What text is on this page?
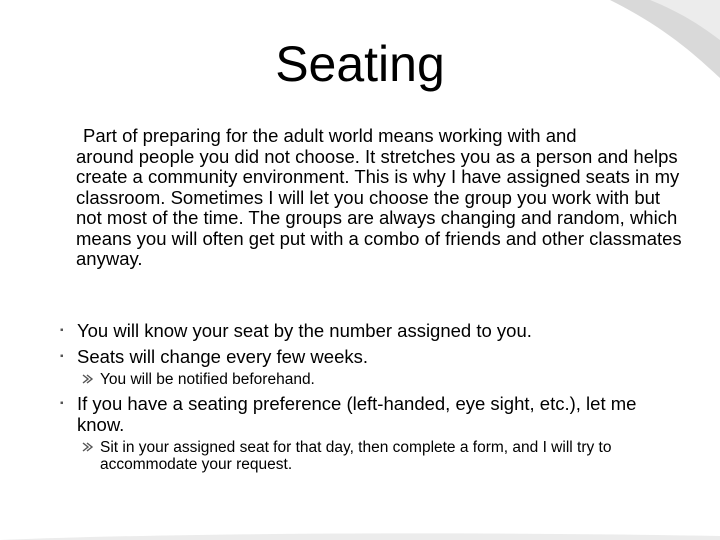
Seating
Part of preparing for the adult world means working with and
around people you did not choose. It stretches you as a person and helps create a community environment. This is why I have assigned seats in my classroom. Sometimes I will let you choose the group you work with but not most of the time. The groups are always changing and random, which means you will often get put with a combo of friends and other classmates anyway.
▪ You will know your seat by the number assigned to you.
▪ Seats will change every few weeks.
You will be notified beforehand.
▪ If you have a seating preference (left-handed, eye sight, etc.), let me know.
Sit in your assigned seat for that day, then complete a form, and I will try to accommodate your request.
